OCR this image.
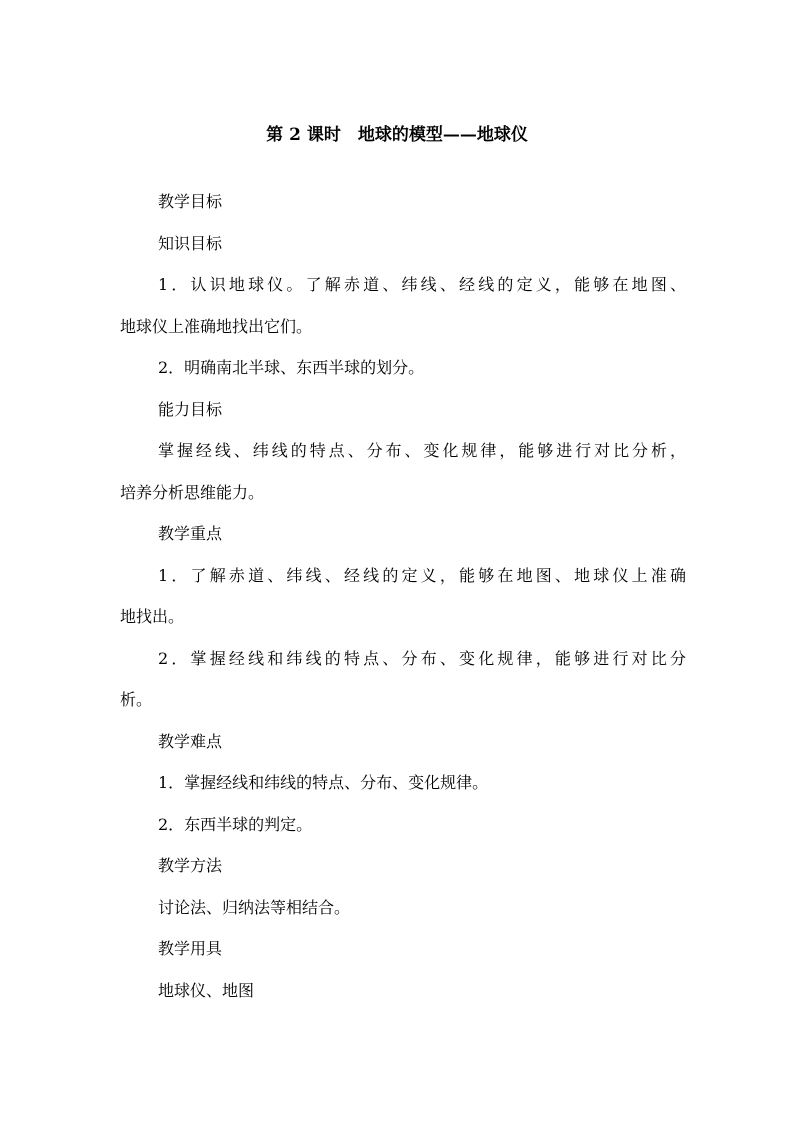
第 2 课时　地球的模型——地球仪

教学目标

知识目标

1．认识地球仪。了解赤道、纬线、经线的定义，能够在地图、

地球仪上准确地找出它们。

2．明确南北半球、东西半球的划分。

能力目标

掌握经线、纬线的特点、分布、变化规律，能够进行对比分析，

培养分析思维能力。

教学重点

1．了解赤道、纬线、经线的定义，能够在地图、地球仪上准确

地找出。

2．掌握经线和纬线的特点、分布、变化规律，能够进行对比分

析。

教学难点

1．掌握经线和纬线的特点、分布、变化规律。

2．东西半球的判定。

教学方法

讨论法、归纳法等相结合。

教学用具

地球仪、地图
